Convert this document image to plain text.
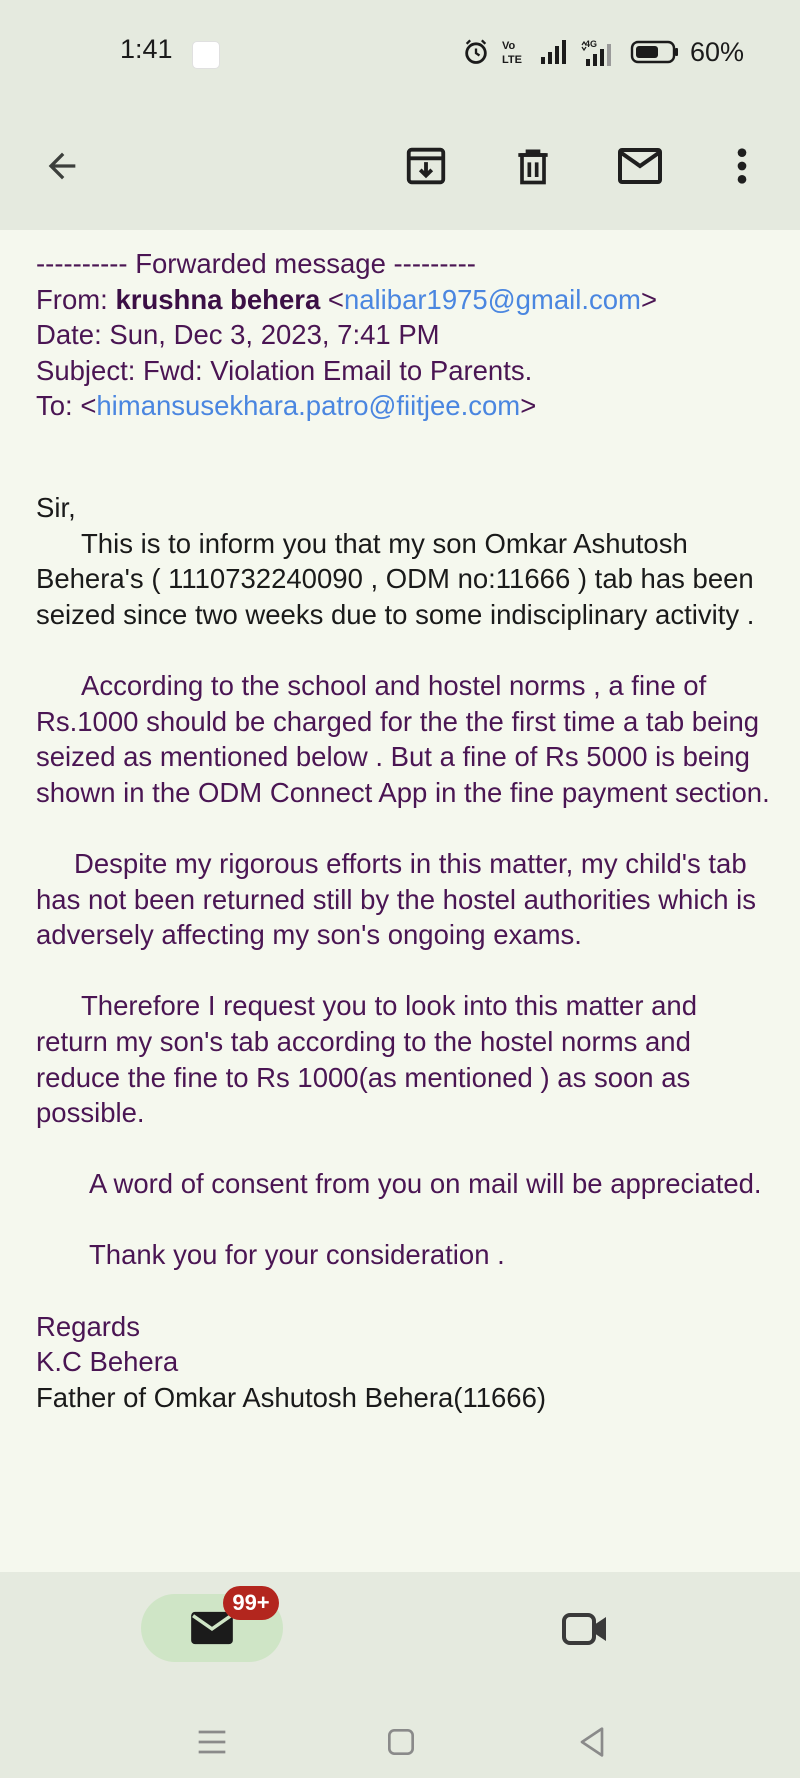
1:41	Vo
LTE
4G	60%
---------- Forwarded message ---------
From: krushna behera <nalibar1975@gmail.com>
Date: Sun, Dec 3, 2023, 7:41 PM
Subject: Fwd: Violation Email to Parents.
To: <himansusekhara.patro@fiitjee.com>

Sir,

This is to inform you that my son Omkar Ashutosh Behera's ( 1110732240090 , ODM no:11666 ) tab has been seized since two weeks due to some indisciplinary activity .

According to the school and hostel norms , a fine of Rs.1000 should be charged for the the first time a tab being seized as mentioned below . But a fine of Rs 5000 is being shown in the ODM Connect App in the fine payment section.

Despite my rigorous efforts in this matter, my child's tab has not been returned still by the hostel authorities which is adversely affecting my son's ongoing exams.

Therefore I request you to look into this matter and return my son's tab according to the hostel norms and reduce the fine to Rs 1000(as mentioned ) as soon as possible.

A word of consent from you on mail will be appreciated.

Thank you for your consideration .

Regards

K.C Behera

Father of Omkar Ashutosh Behera(11666)

99+
